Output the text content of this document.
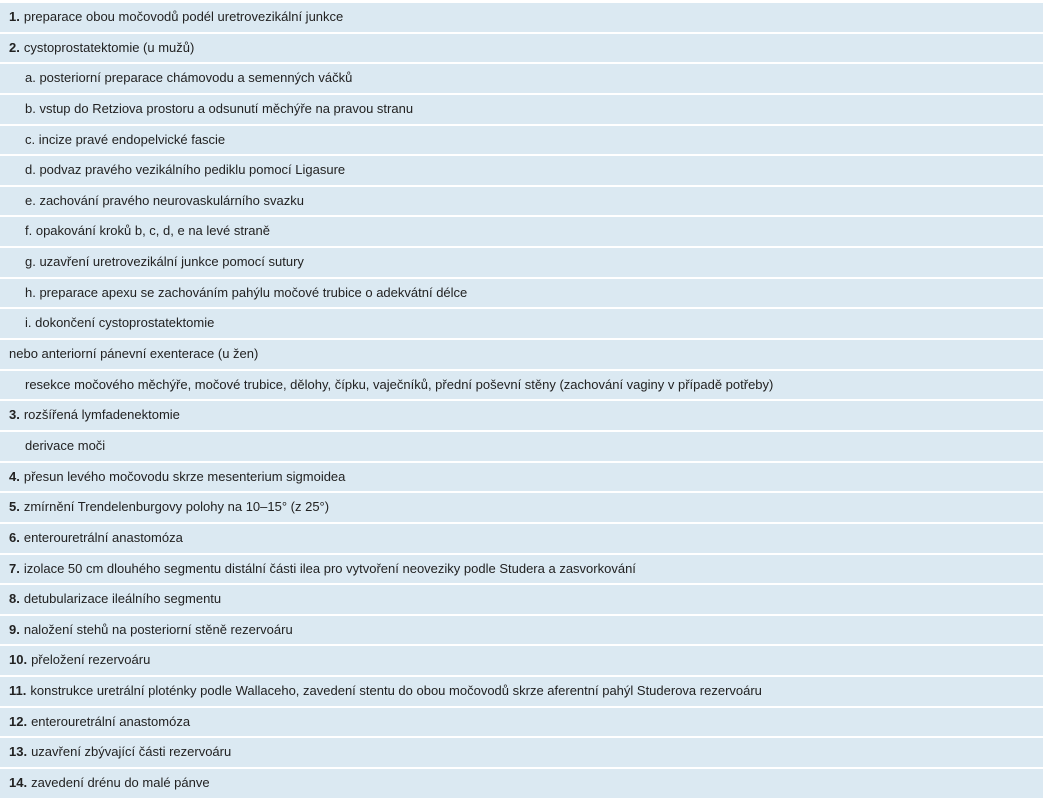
1. preparace obou močovodů podél uretrovezikální junkce
2. cystoprostatektomie (u mužů)
a. posteriorní preparace chámovodu a semenných váčků
b. vstup do Retziova prostoru a odsunutí měchýře na pravou stranu
c. incize pravé endopelvické fascie
d. podvaz pravého vezikálního pediklu pomocí Ligasure
e. zachování pravého neurovaskulárního svazku
f. opakování kroků b, c, d, e na levé straně
g. uzavření uretrovezikální junkce pomocí sutury
h. preparace apexu se zachováním pahýlu močové trubice o adekvátní délce
i. dokončení cystoprostatektomie
nebo anteriorní pánevní exenterace (u žen)
resekce močového měchýře, močové trubice, dělohy, čípku, vaječníků, přední poševní stěny (zachování vaginy v případě potřeby)
3. rozšířená lymfadenektomie
derivace moči
4. přesun levého močovodu skrze mesenterium sigmoidea
5. zmírnění Trendelenburgovy polohy na 10–15° (z 25°)
6. enterouretrální anastomóza
7. izolace 50 cm dlouhého segmentu distální části ilea pro vytvoření neoveziky podle Studera a zasvorkování
8. detubularizace ileálního segmentu
9. naložení stehů na posteriorní stěně rezervoáru
10. přeložení rezervoáru
11. konstrukce uretrální ploténky podle Wallaceho, zavedení stentu do obou močovodů skrze aferentní pahýl Studerova rezervoáru
12. enterouretrální anastomóza
13. uzavření zbývající části rezervoáru
14. zavedení drénu do malé pánve
